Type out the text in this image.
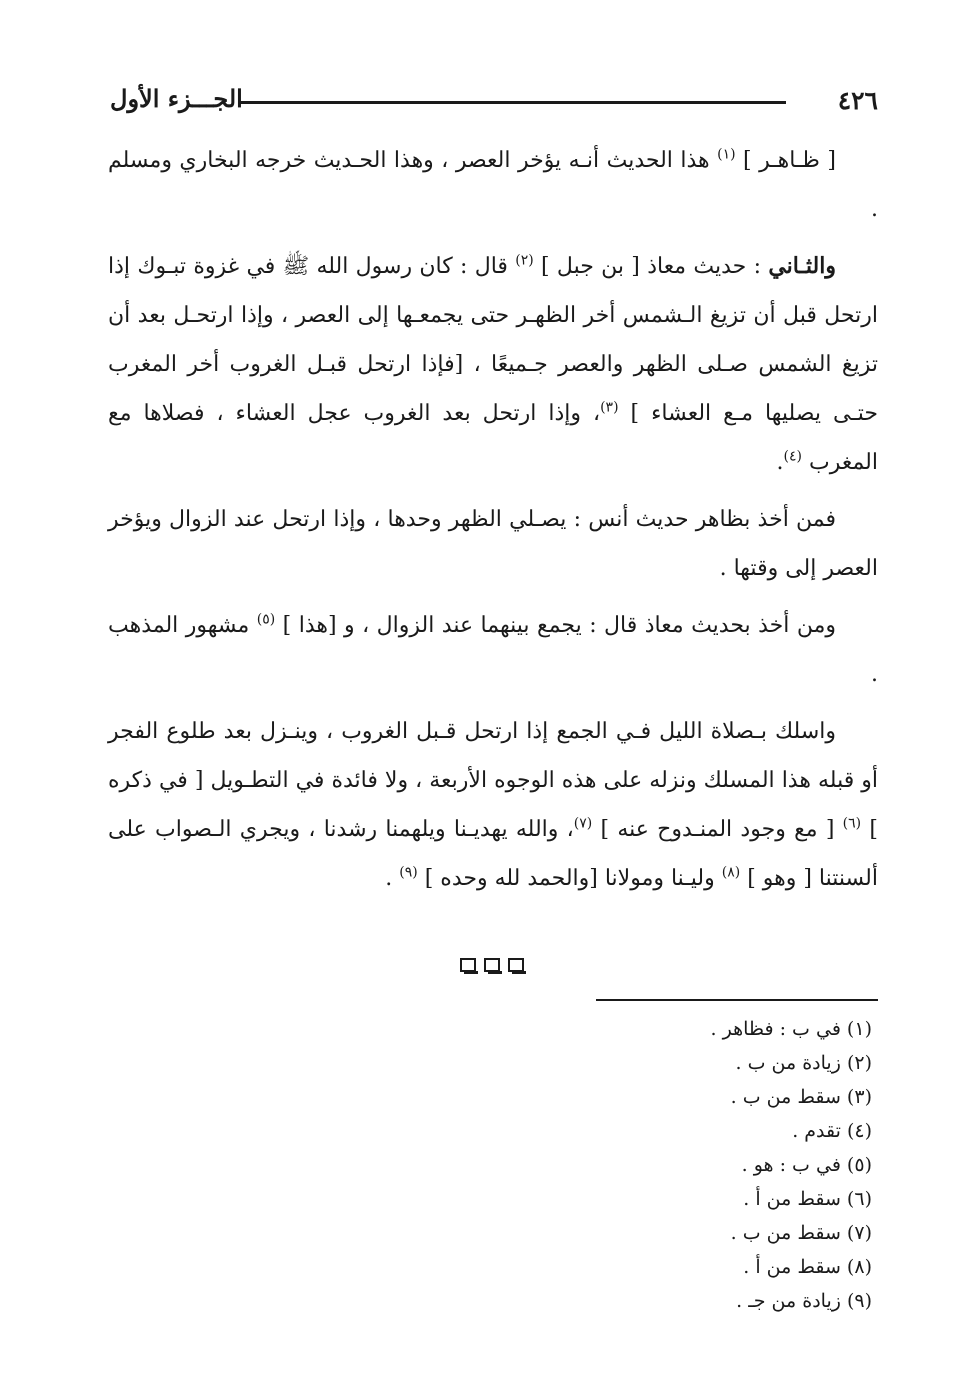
٤٢٦
الجـــزء الأول

[ ظـاهـر ] $^{(١)}$ هذا الحديث أنـه يؤخر العصر ، وهذا الحـديث خرجه البخاري ومسلم .

والثـاني : حديث معاذ [ بن جبل ] $^{(٢)}$ قال : كان رسول الله ﷺ في غزوة تبـوك إذا ارتحل قبل أن تزيغ الـشمس أخر الظهـر حتى يجمعـها إلى العصر ، وإذا ارتحـل بعد أن تزيغ الشمس صـلى الظهر والعصر جـميعًا ، [فإذا ارتحل قبـل الغروب أخر المغرب حتـى يصليها مـع العشاء ] $^{(٣)}$، وإذا ارتحل بعد الغروب عجل العشاء ، فصلاها مع المغرب $^{(٤)}$.

فمن أخذ بظاهر حديث أنس : يصـلي الظهر وحدها ، وإذا ارتحل عند الزوال ويؤخر العصر إلى وقتها .

ومن أخذ بحديث معاذ قال : يجمع بينهما عند الزوال ، و [هذا ] $^{(٥)}$ مشهور المذهب .

واسلك بـصلاة الليل فـي الجمع إذا ارتحل قـبل الغروب ، وينـزل بعد طلوع الفجر أو قبله هذا المسلك ونزله على هذه الوجوه الأربعة ، ولا فائدة في التطـويل [ في ذكره ] $^{(٦)}$ [ مع وجود المنـدوح عنه ] $^{(٧)}$، والله يهديـنا ويلهمنا رشدنا ، ويجري الـصواب على ألسنتنا [ وهو ] $^{(٨)}$ وليـنا ومولانا [والحمد لله وحده ] $^{(٩)}$ .

(١) في ب : فظاهر .
(٢) زيادة من ب .
(٣) سقط من ب .
(٤) تقدم .
(٥) في ب : هو .
(٦) سقط من أ .
(٧) سقط من ب .
(٨) سقط من أ .
(٩) زيادة من جـ .
